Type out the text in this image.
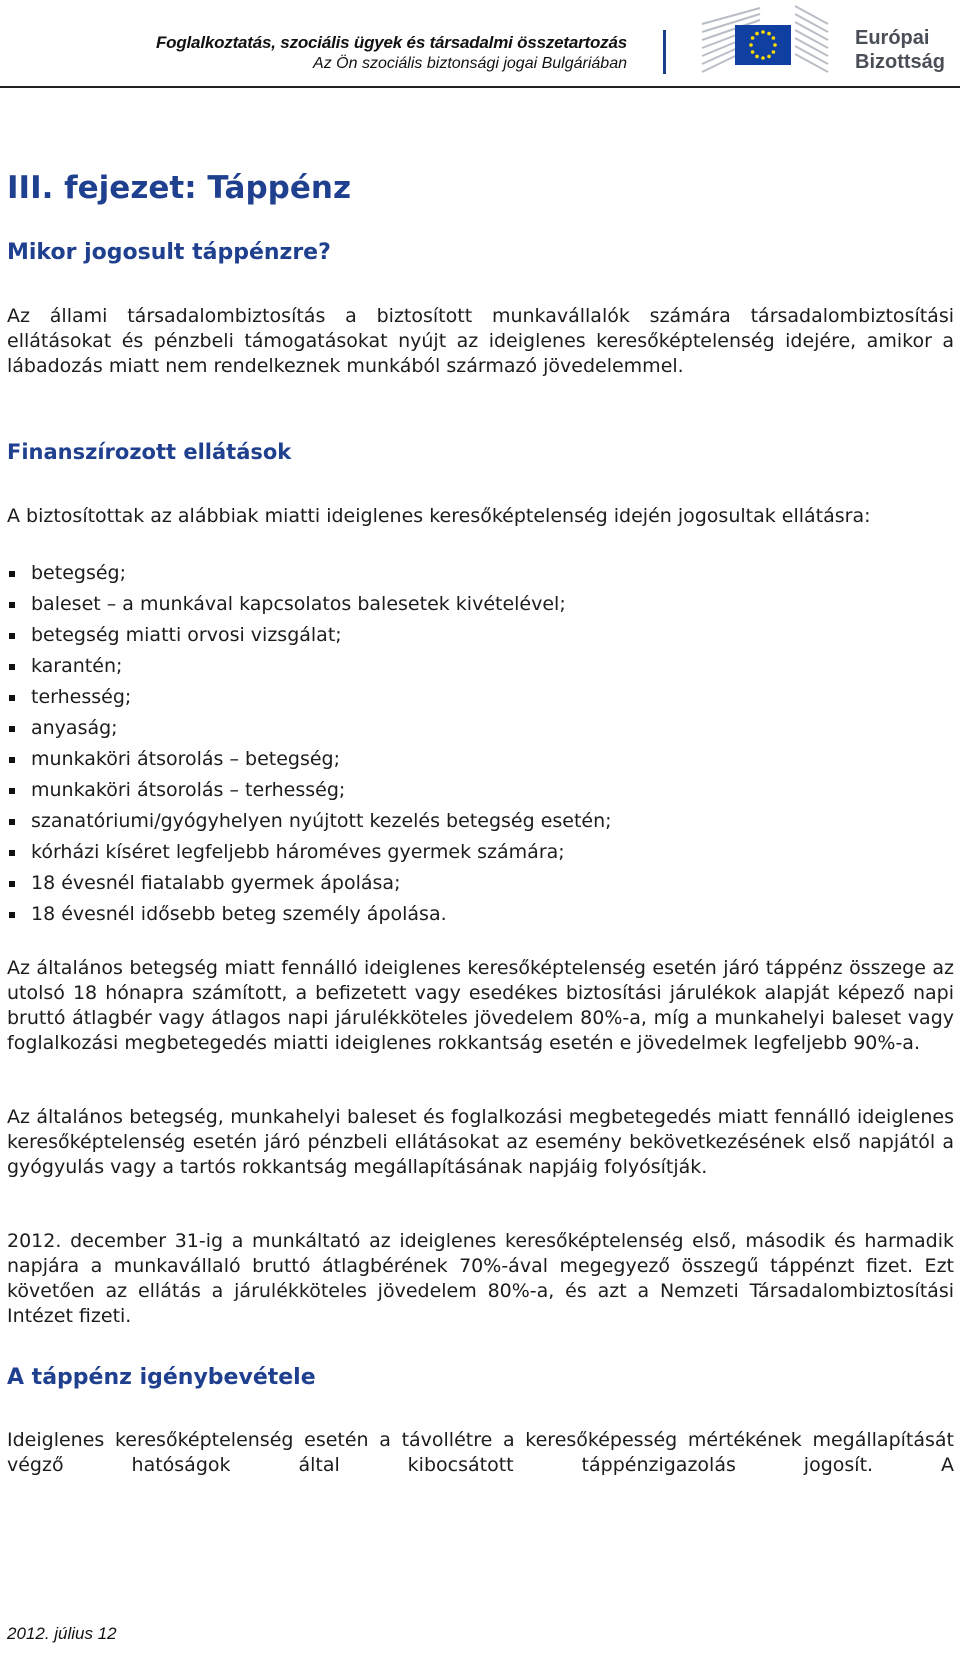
Foglalkoztatás, szociális ügyek és társadalmi összetartozás
Az Ön szociális biztonsági jogai Bulgáriában
Európai
Bizottság
III. fejezet: Táppénz
Mikor jogosult táppénzre?

Az állami társadalombiztosítás a biztosított munkavállalók számára társadalombiztosítási ellátásokat és pénzbeli támogatásokat nyújt az ideiglenes keresőképtelenség idejére, amikor a lábadozás miatt nem rendelkeznek munkából származó jövedelemmel.

Finanszírozott ellátások

A biztosítottak az alábbiak miatti ideiglenes keresőképtelenség idején jogosultak ellátásra:

betegség;
baleset – a munkával kapcsolatos balesetek kivételével;
betegség miatti orvosi vizsgálat;
karantén;
terhesség;
anyaság;
munkaköri átsorolás – betegség;
munkaköri átsorolás – terhesség;
szanatóriumi/gyógyhelyen nyújtott kezelés betegség esetén;
kórházi kíséret legfeljebb hároméves gyermek számára;
18 évesnél fiatalabb gyermek ápolása;
18 évesnél idősebb beteg személy ápolása.

Az általános betegség miatt fennálló ideiglenes keresőképtelenség esetén járó táppénz összege az utolsó 18 hónapra számított, a befizetett vagy esedékes biztosítási járulékok alapját képező napi bruttó átlagbér vagy átlagos napi járulékköteles jövedelem 80%-a, míg a munkahelyi baleset vagy foglalkozási megbetegedés miatti ideiglenes rokkantság esetén e jövedelmek legfeljebb 90%-a.

Az általános betegség, munkahelyi baleset és foglalkozási megbetegedés miatt fennálló ideiglenes keresőképtelenség esetén járó pénzbeli ellátásokat az esemény bekövetkezésének első napjától a gyógyulás vagy a tartós rokkantság megállapításának napjáig folyósítják.

2012. december 31-ig a munkáltató az ideiglenes keresőképtelenség első, második és harmadik napjára a munkavállaló bruttó átlagbérének 70%-ával megegyező összegű táppénzt fizet. Ezt követően az ellátás a járulékköteles jövedelem 80%-a, és azt a Nemzeti Társadalombiztosítási Intézet fizeti.

A táppénz igénybevétele

Ideiglenes keresőképtelenség esetén a távollétre a keresőképesség mértékének megállapítását végző hatóságok által kibocsátott táppénzigazolás jogosít. A

2012. július 12
